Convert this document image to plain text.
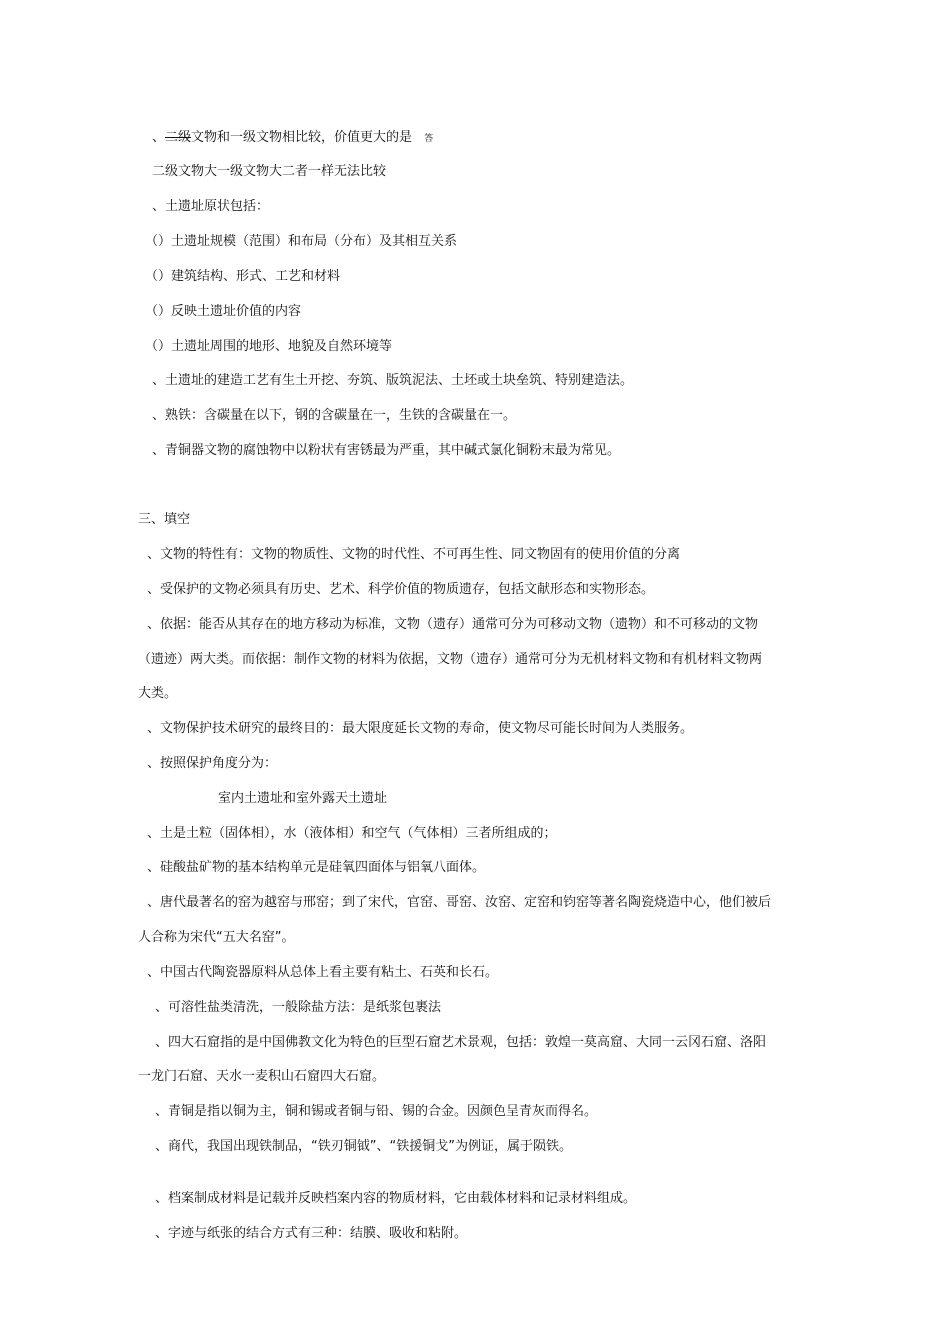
、二级文物和一级文物相比较，价值更大的是 答
二级文物大一级文物大二者一样无法比较
、土遗址原状包括：
（）土遗址规模（范围）和布局（分布）及其相互关系
（）建筑结构、形式、工艺和材料
（）反映土遗址价值的内容
（）土遗址周围的地形、地貌及自然环境等
、土遗址的建造工艺有生土开挖、夯筑、版筑泥法、土坯或土块垒筑、特别建造法。
、熟铁：含碳量在以下，钢的含碳量在一，生铁的含碳量在一。
、青铜器文物的腐蚀物中以粉状有害锈最为严重，其中碱式氯化铜粉末最为常见。
三、填空
、文物的特性有：文物的物质性、文物的时代性、不可再生性、同文物固有的使用价值的分离
、受保护的文物必须具有历史、艺术、科学价值的物质遗存，包括文献形态和实物形态。
、依据：能否从其存在的地方移动为标准，文物（遗存）通常可分为可移动文物（遗物）和不可移动的文物
（遗迹）两大类。而依据：制作文物的材料为依据，文物（遗存）通常可分为无机材料文物和有机材料文物两
大类。
、文物保护技术研究的最终目的：最大限度延长文物的寿命，使文物尽可能长时间为人类服务。
、按照保护角度分为：
室内土遗址和室外露天土遗址
、土是土粒（固体相），水（液体相）和空气（气体相）三者所组成的；
、硅酸盐矿物的基本结构单元是硅氧四面体与铝氧八面体。
、唐代最著名的窑为越窑与邢窑；到了宋代，官窑、哥窑、汝窑、定窑和钧窑等著名陶瓷烧造中心，他们被后
人合称为宋代“五大名窑”。
、中国古代陶瓷器原料从总体上看主要有粘土、石英和长石。
、可溶性盐类清洗，一般除盐方法：是纸浆包裹法
、四大石窟指的是中国佛教文化为特色的巨型石窟艺术景观，包括：敦煌一莫高窟、大同一云冈石窟、洛阳
一龙门石窟、天水一麦积山石窟四大石窟。
、青铜是指以铜为主，铜和锡或者铜与铅、锡的合金。因颜色呈青灰而得名。
、商代，我国出现铁制品，“铁刃铜钺”、“铁援铜戈”为例证，属于陨铁。
、档案制成材料是记载并反映档案内容的物质材料，它由载体材料和记录材料组成。
、字迹与纸张的结合方式有三种：结膜、吸收和粘附。
